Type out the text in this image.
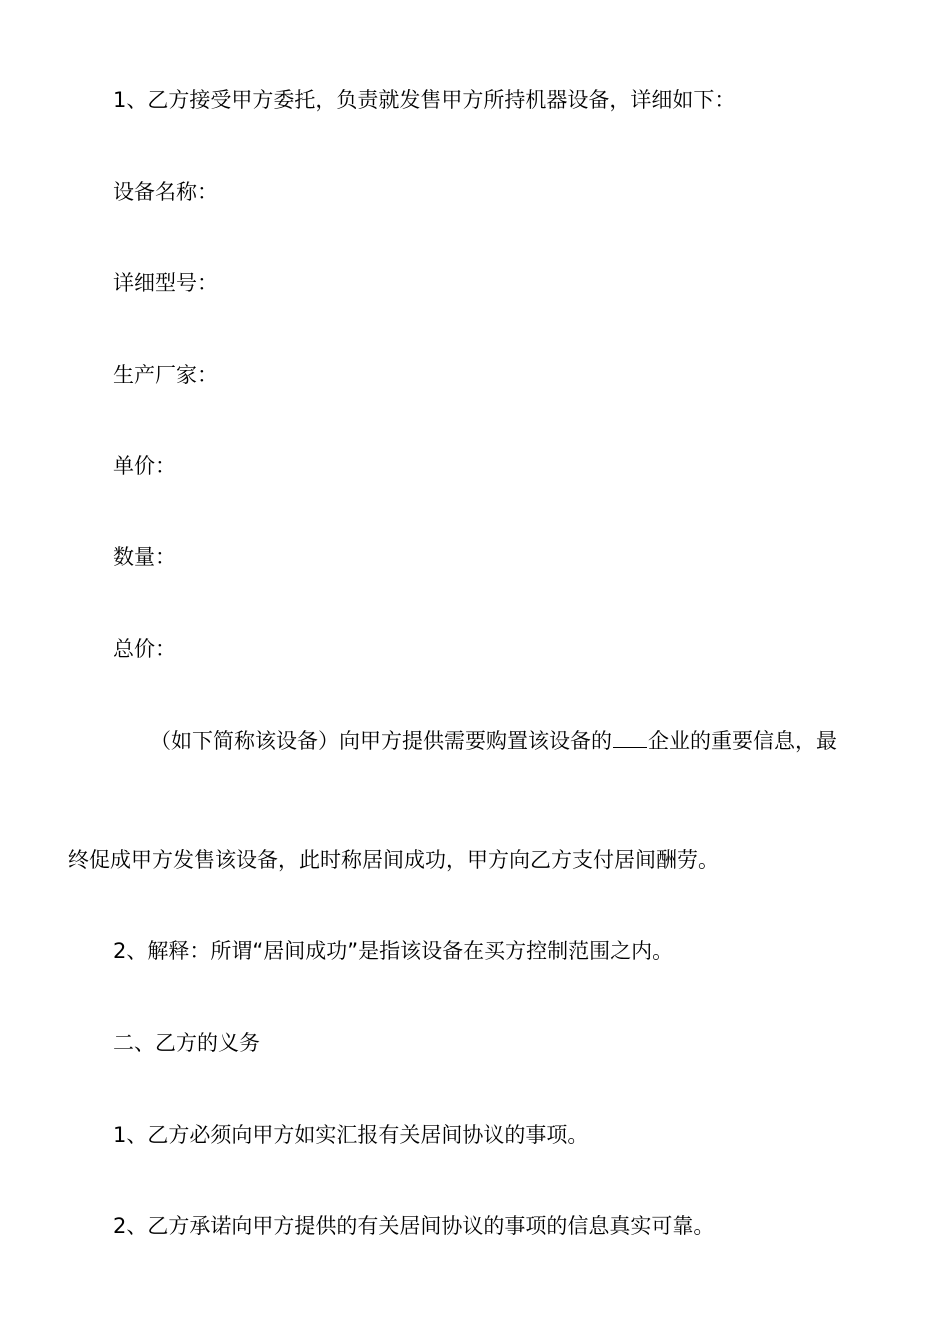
1、乙方接受甲方委托，负责就发售甲方所持机器设备，详细如下：
设备名称：
详细型号：
生产厂家：
单价：
数量：
总价：
（如下简称该设备）向甲方提供需要购置该设备的 企业的重要信息，最
终促成甲方发售该设备，此时称居间成功，甲方向乙方支付居间酬劳。
2、解释：所谓“居间成功”是指该设备在买方控制范围之内。
二、乙方的义务
1、乙方必须向甲方如实汇报有关居间协议的事项。
2、乙方承诺向甲方提供的有关居间协议的事项的信息真实可靠。
